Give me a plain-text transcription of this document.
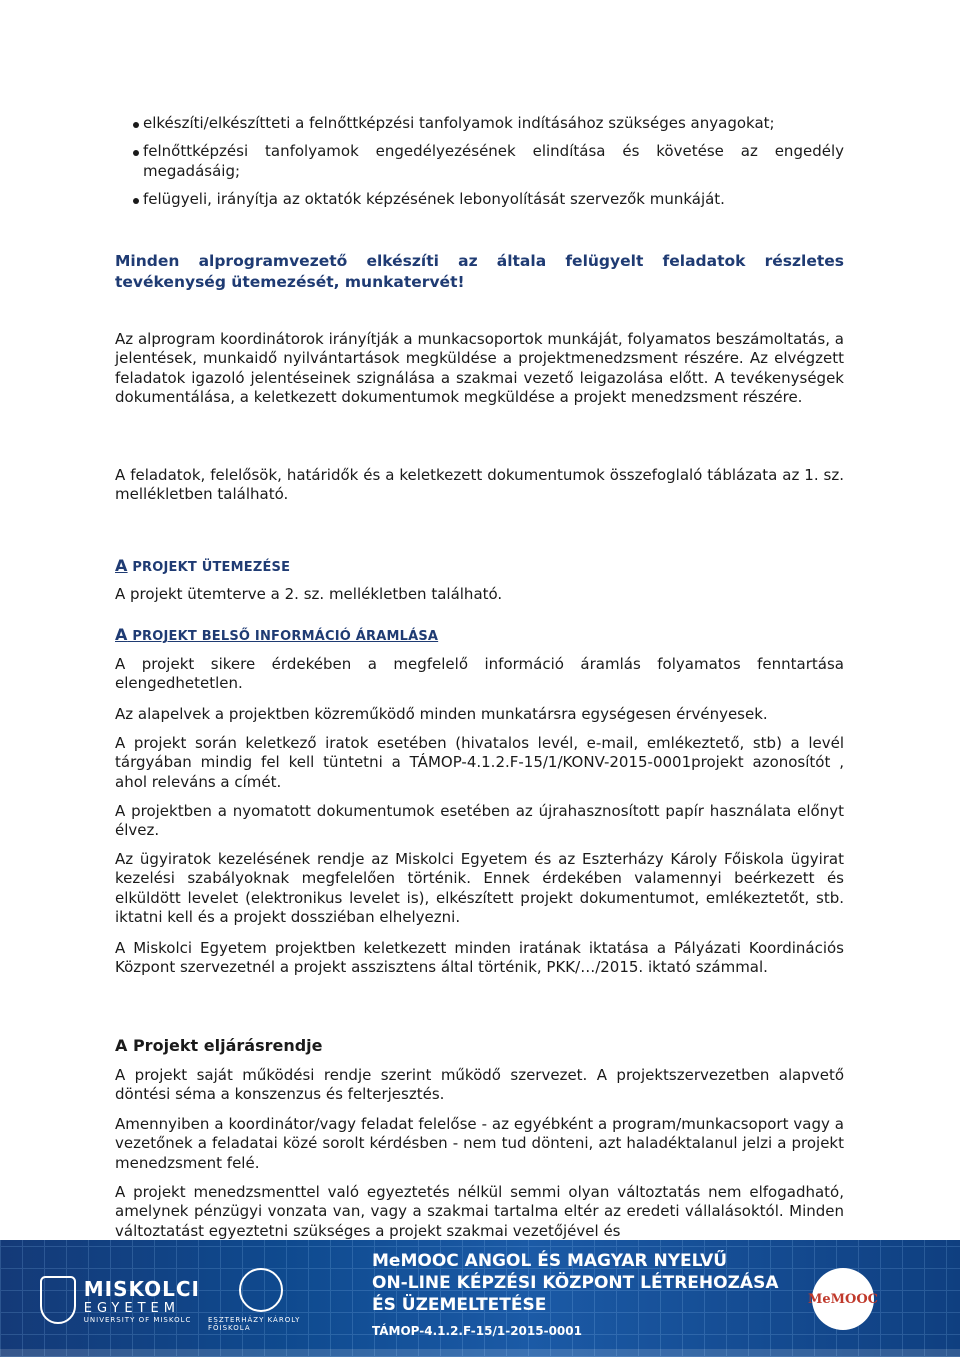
elkészíti/elkészítteti a felnőttképzési tanfolyamok indításához szükséges anyagokat;
felnőttképzési tanfolyamok engedélyezésének elindítása és követése az engedély megadásáig;
felügyeli, irányítja az oktatók képzésének lebonyolítását szervezők munkáját.

Minden alprogramvezető elkészíti az általa felügyelt feladatok részletes tevékenység ütemezését, munkatervét!

Az alprogram koordinátorok irányítják a munkacsoportok munkáját, folyamatos beszámoltatás, a jelentések, munkaidő nyilvántartások megküldése a projektmenedzsment részére. Az elvégzett feladatok igazoló jelentéseinek szignálása a szakmai vezető leigazolása előtt. A tevékenységek dokumentálása, a keletkezett dokumentumok megküldése a projekt menedzsment részére.

A feladatok, felelősök, határidők és a keletkezett dokumentumok összefoglaló táblázata az 1. sz. mellékletben található.

A PROJEKT ÜTEMEZÉSE

A projekt ütemterve a 2. sz. mellékletben található.

A PROJEKT BELSŐ INFORMÁCIÓ ÁRAMLÁSA

A projekt sikere érdekében a megfelelő információ áramlás folyamatos fenntartása elengedhetetlen.

Az alapelvek a projektben közreműködő minden munkatársra egységesen érvényesek.

A projekt során keletkező iratok esetében (hivatalos levél, e-mail, emlékeztető, stb) a levél tárgyában mindig fel kell tüntetni a TÁMOP-4.1.2.F-15/1/KONV-2015-0001projekt azonosítót , ahol releváns a címét.

A projektben a nyomatott dokumentumok esetében az újrahasznosított papír használata előnyt élvez.

Az ügyiratok kezelésének rendje az Miskolci Egyetem és az Eszterházy Károly Főiskola ügyirat kezelési szabályoknak megfelelően történik. Ennek érdekében valamennyi beérkezett és elküldött levelet (elektronikus levelet is), elkészített projekt dokumentumot, emlékeztetőt, stb. iktatni kell és a projekt dossziéban elhelyezni.

A Miskolci Egyetem projektben keletkezett minden iratának iktatása a Pályázati Koordinációs Központ szervezetnél a projekt asszisztens által történik, PKK/…/2015. iktató számmal.

A Projekt eljárásrendje

A projekt saját működési rendje szerint működő szervezet. A projektszervezetben alapvető döntési séma a konszenzus és felterjesztés.

Amennyiben a koordinátor/vagy feladat felelőse - az egyébként a program/munkacsoport vagy a vezetőnek a feladatai közé sorolt kérdésben - nem tud dönteni, azt haladéktalanul jelzi a projekt menedzsment felé.

A projekt menedzsmenttel való egyeztetés nélkül semmi olyan változtatás nem elfogadható, amelynek pénzügyi vonzata van, vagy a szakmai tartalma eltér az eredeti vállalásoktól. Minden változtatást egyeztetni szükséges a projekt szakmai vezetőjével és

MISKOLCI
EGYETEM
UNIVERSITY OF MISKOLC	ESZTERHÁZY KÁROLY FŐISKOLA
MeMOOC ANGOL ÉS MAGYAR NYELVŰ
ON-LINE KÉPZÉSI KÖZPONT LÉTREHOZÁSA
ÉS ÜZEMELTETÉSE
TÁMOP-4.1.2.F-15/1-2015-0001
MeMOOC
